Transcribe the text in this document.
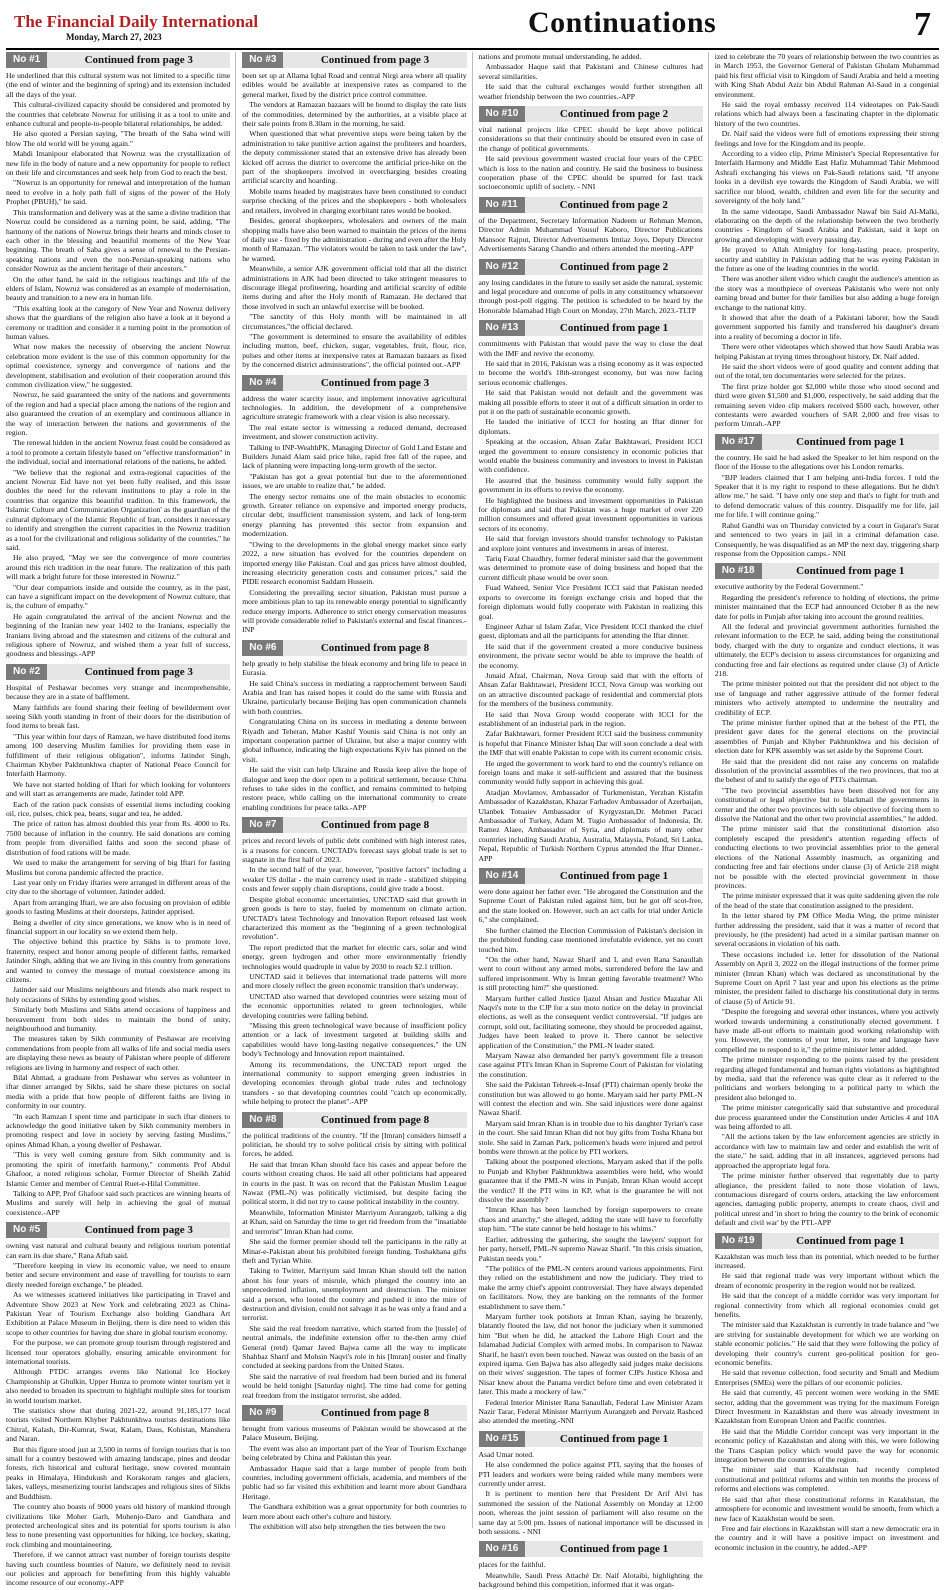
The Financial Daily International
Monday, March 27, 2023	Continuations	7
No #1	Continued from page 3

He underlined that this cultural system was not limited to a specific time (the end of winter and the beginning of spring) and its extension included all the days of the year.

This cultural-civilized capacity should be considered and promoted by the countries that celebrate Nowruz for utilising it as a tool to unite and enhance cultural and people-to-people bilateral relationships, he added.

He also quoted a Persian saying, "The breath of the Saba wind will blow The old world will be young again."

Mahdi Imanipour elaborated that Nowruz was the crystallization of new life in the body of nature and a new opportunity for people to reflect on their life and circumstances and seek help from God to reach the best.

"Nowruz is an opportunity for renewal and interpretation of the human need to evolve in a holy path full of signs of the power of the Holy Prophet (PBUH)," he said.

This transformation and delivery was at the same a divine tradition that Nowruz could be considered as a turning point, he said, adding, "The harmony of the nations of Nowruz brings their hearts and minds closer to each other in the blessing and beautiful moments of the New Year beginning. The breath of Saba gives a sense of renewal to the Persian-speaking nations and even the non-Persian-speaking nations who consider Nowruz as the ancient heritage of their ancestors."

On the other hand, he said in the religious teachings and life of the elders of Islam, Nowruz was considered as an example of modernisation, beauty and transition to a new era in human life.

"This exalting look at the category of New Year and Nowruz delivery shows that the guardians of the religion also have a look at it beyond a ceremony or tradition and consider it a turning point in the promotion of human values.

What now makes the necessity of observing the ancient Nowruz celebration more evident is the use of this common opportunity for the optimal coexistence, synergy and convergence of nations and the development, stabilisation and evolution of their cooperation around this common civilization view," he suggested.

Nowruz, he said guaranteed the unity of the nations and governments of the region and had a special place among the nations of the region and also guaranteed the creation of an exemplary and continuous alliance in the way of interaction between the nations and governments of the region.

The renewal hidden in the ancient Nowruz feast could be considered as a tool to promote a certain lifestyle based on "effective transformation" in the individual, social and international relations of the nations, he added.

"We believe that the regional and extra-regional capacities of the ancient Nowruz Eid have not yet been fully realised, and this issue doubles the need for the relevant institutions to play a role in the countries that organize this beautiful tradition. In this framework, the 'Islamic Culture and Communication Organization' as the guardian of the cultural diplomacy of the Islamic Republic of Iran, considers it necessary to identify and strengthen the current capacities in the Nowruz tradition as a tool for the civilizational and religious solidarity of the countries," he said.

He also prayed, "May we see the convergence of more countries around this rich tradition in the near future. The realization of this path will mark a bright future for those interested in Nowruz."

"Our dear compatriots inside and outside the country, as in the past, can have a significant impact on the development of Nowruz culture, that is, the culture of empathy."

He again congratulated the arrival of the ancient Nowruz and the beginning of the Iranian new year 1402 to the Iranians, especially the Iranians living abroad and the statesmen and citizens of the cultural and religious sphere of Nowruz, and wished them a year full of success, goodness and blessings.-APP

No #2	Continued from page 3

Hospital of Peshawar becomes very strange and incomprehensible, because they are in a state of bafflement.

Many faithfuls are found sharing their feeling of bewilderment over seeing Sikh youth standing in front of their doors for the distribution of food items to break fast.

"This year within four days of Ramzan, we have distributed food items among 100 deserving Muslim families for providing them ease in fulfillment of their religious obligation", informs Jatinder Singh, Chairman Khyber Pakhtunkhwa chapter of National Peace Council for Interfaith Harmony.

We have not started holding of Iftari for which looking for volunteers and will start as arrangements are made, Jatinder told APP.

Each of the ration pack consists of essential items including cooking oil, rice, pulses, chick pea, beans, sugar and tea, he added.

The price of ration has almost doubled this year from Rs. 4000 to Rs. 7500 because of inflation in the country. He said donations are coming from people from diversified faiths and soon the second phase of distribution of food rations will be made.

We used to make the arrangement for serving of big Iftari for fasting Muslims but corona pandemic affected the practice.

Last year only on Friday iftaries were arranged in different areas of the city due to the shortage of volunteer, Jatinder added.

Apart from arranging Iftari, we are also focusing on provision of edible goods to fasting Muslims at their doorsteps, Jatinder apprised.

Being a dweller of city since generations, we know who is in need of financial support in our locality so we extend them help.

The objective behind this practice by Sikhs is to promote love, fraternity, respect and honor among people of different faiths, remarked Jatinder Singh, adding that we are living in this country from generations and wanted to convey the message of mutual coexistence among its citizens.

Jatinder said our Muslims neighbours and friends also mark respect to holy occasions of Sikhs by extending good wishes.

Similarly both Muslims and Sikhs attend occasions of happiness and bereavement from both sides to maintain the bond of unity, neighbourhood and humanity.

The measures taken by Sikh community of Peshawar are receiving commendations from people from all walks of life and social media users are displaying these news as beauty of Pakistan where people of different religions are living in harmony and respect of each other.

Bilal Ahmad, a graduate from Peshawar who serves as volunteer in iftar dinner arranged by Sikhs, said he share these pictures on social media with a pride that how people of different faiths are living in conformity in our country.

"In each Ramzan I spent time and participate in such iftar dinners to acknowledge the good initiative taken by Sikh community members in promoting respect and love in society by serving fasting Muslims," opines Ahmad Khan, a young dweller of Peshawar.

"This is very well coming gesture from Sikh community and is promoting the spirit of interfaith harmony," comments Prof Abdul Ghafoor, a noted religious scholar, Former Director of Sheikh Zahid Islamic Center and member of Central Ruet-e-Hilal Committee.

Talking to APP, Prof Ghafoor said such practices are winning hearts of Muslims and surely will help in achieving the goal of mutual coexistence.-APP

No #5	Continued from page 3

owning vast natural and cultural beauty and religious tourism potential can earn its due share," Rana Aftab said.

"Therefore keeping in view its economic value, we need to ensure better and secure environment and ease of travelling for tourists to earn direly needed foreign exchange," he pleaded.

As we witnesses scattered initiatives like participating in Travel and Adventure Show 2023 at New York and celebrating 2023 as China-Pakistan Year of Tourism Exchange also holding Gandhara Art Exhibition at Palace Museum in Beijing, there is dire need to widen this scope to other countries for having due share in global tourism economy.

For the purpose, we can promote group tourism through registered and licensed tour operators globally, ensuring amicable environment for international tourists.

Although PTDC arranges events like National Ice Hockey Championship at Ghulkin, Upper Hunza to promote winter tourism yet it also needed to broaden its spectrum to highlight multiple sites for tourism in world tourism market.

The statistics show that during 2021-22, around 91,185,177 local tourists visited Northern Khyber Pakhtunkhwa tourists destinations like Chitral, Kalash, Dir-Kumrat, Swat, Kalam, Daus, Kohistan, Manshera and Naran.

But this figure stood just at 3,500 in terms of foreign tourists that is too small for a country bestowed with amazing landscape, pines and deodar forests, rich historical and cultural heritage, snow covered mountain peaks in Himalaya, Hindukush and Korakoram ranges and glaciers, lakes, valleys, mesmerizing tourist landscapes and religious sites of Sikhs and Buddhism.

The country also boasts of 9000 years old history of mankind through civilizations like Moher Garh, Mohenjo-Daro and Gandhara and protected archeological sites and its potential for sports tourism is also less to none presenting vast opportunities for hiking, ice hockey, skating, rock climbing and mountaineering.

Therefore, if we cannot attract vast number of foreign tourists despite having such countless bounties of Nature, we definitely need to revisit our policies and approach for benefitting from this highly valuable income resource of our economy.-APP

No #3	Continued from page 3

been set up at Allama Iqbal Road and central Nirgi area where all quality edibles would be available at inexpensive rates as compared to the general market, fixed by the district price control committee.

The vendors at Ramazan bazaars will be bound to display the rate lists of the commodities, determined by the authorities, at a visible place at their sale points from 8.30am in the morning, he said.

When questioned that what preventive steps were being taken by the administration to take punitive action against the profiteers and hoarders, the deputy commissioner stated that an extensive drive has already been kicked off across the district to overcome the artificial price-hike on the part of the shopkeepers involved in overcharging besides creating artificial scarcity and hoarding.

Mobile teams headed by magistrates have been constituted to conduct surprise checking of the prices and the shopkeepers - both wholesalers and retailers, involved in charging exorbitant rates would be booked.

Besides, general shopkeepers, wholesalers and owners of the main shopping malls have also been warned to maintain the prices of the items of daily use - fixed by the administration - during and even after the Holy month of Ramazan. "The violators would be taken to task under the law", he warned.

Meanwhile, a senior AJK government official told that all the district administrations in AJK had been directed to take stringent measures to discourage illegal profiteering, hoarding and artificial scarcity of edible items during and after the Holy month of Ramazan. He declared that those involved in such an unlawful exercise will be booked.

"The sanctity of this Holy month will be maintained in all circumstances,"the official declared.

"The government is determined to ensure the availability of edibles including mutton, beef, chicken, sugar, vegetables, fruit, flour, rice, pulses and other items at inexpensive rates at Ramazan bazaars as fixed by the concerned district administrations", the official pointed out.-APP

No #4	Continued from page 3

address the water scarcity issue, and implement innovative agricultural technologies. In addition, the development of a comprehensive agriculture strategic framework with a clear vision is also necessary.

The real estate sector is witnessing a reduced demand, decreased investment, and slower construction activity.

Talking to INP-WealthPK, Managing Director of Gold Land Estate and Builders Junaid Alam said price hike, rapid free fall of the rupee, and lack of planning were impacting long-term growth of the sector.

"Pakistan has got a great potential but due to the aforementioned issues, we are unable to realize that," he added.

The energy sector remains one of the main obstacles to economic growth. Greater reliance on expensive and imported energy products, circular debt, insufficient transmission system, and lack of long-term energy planning has prevented this sector from expansion and modernization.

"Owing to the developments in the global energy market since early 2022, a new situation has evolved for the countries dependent on imported energy like Pakistan. Coal and gas prices have almost doubled, increasing electricity generation costs and consumer prices," said the PIDE research economist Saddam Hussein.

Considering the prevailing sector situation, Pakistan must pursue a more ambitious plan to tap its renewable energy potential to significantly reduce energy imports. Adherence to strict energy conservation measures will provide considerable relief to Pakistan's external and fiscal finances.-INP

No #6	Continued from page 8

help greatly to help stabilise the bleak economy and bring life to peace in Eurasia.

He said China's success in mediating a rapprochement between Saudi Arabia and Iran has raised hopes it could do the same with Russia and Ukraine, particularly because Beijing has open communication channels with both countries.

Congratulating China on its success in mediating a detente between Riyadh and Teheran, Maher Kashif Younis said China is not only an important cooperation partner of Ukraine, but also a major country with global influence, indicating the high expectations Kyiv has pinned on the visit.

He said the visit can help Ukraine and Russia keep alive the hope of dialogue and keep the door open to a political settlement, because China refuses to take sides in the conflict, and remains committed to helping restore peace, while calling on the international community to create enabling conditions for peace talks.-APP

No #7	Continued from page 8

prices and record levels of public debt combined with high interest rates, is a reasons for concern. UNCTAD's forecast says global trade is set to stagnate in the first half of 2023.

In the second half of the year, however, "positive factors" including a weaker US dollar - the main currency used in trade - stabilized shipping costs and fewer supply chain disruptions, could give trade a boost.

Despite global economic uncertainties, UNCTAD said that growth in green goods is here to stay, fueled by momentum on climate action. UNCTAD's latest Technology and Innovation Report released last week characterized this moment as the "beginning of a green technological revolution".

The report predicted that the market for electric cars, solar and wind energy, green hydrogen and other more environmentally friendly technologies would quadruple in value by 2030 to reach $2.1 trillion.

UNCTAD said it believes that international trade patterns will more and more closely reflect the green economic transition that's underway.

UNCTAD also warned that developed countries were seizing most of the economic opportunities related to green technologies, while developing countries were falling behind.

"Missing this green technological wave because of insufficient policy attention or a lack of investment targeted at building skills and capabilities would have long-lasting negative consequences," the UN body's Technology and Innovation report maintained.

Among its recommendations, the UNCTAD report urged the international community to support emerging green industries in developing economies through global trade rules and technology transfers - so that developing countries could "catch up economically, while helping to protect the planet".-APP

No #8	Continued from page 8

the political traditions of the country. "If the [Imran] considers himself a politician, he should try to solve political crisis by sitting with political forces, he added.

He said that Imran Khan should face his cases and appear before the courts without creating chaos. He said all other politicians had appeared in courts in the past. It was on record that the Pakistan Muslim League Nawaz (PML-N) was politically victimised, but despite facing the political storm, it did not try to cause political instability in the country.

Meanwhile, Information Minister Marriyum Aurangzeb, talking a dig at Khan, said on Saturday the time to get rid freedom from the "insatiable and terrorist" Imran Khan had come.

She said the former premier should tell the participants in the rally at Minar-e-Pakistan about his prohibited foreign funding, Toshakhana gifts theft and Tyrian White.

Taking to Twitter, Marriyum said Imran Khan should tell the nation about his four years of misrule, which plunged the country into an unprecedented inflation, unemployment and destruction. The minister said a person, who looted the country and pushed it into the mire of destruction and division, could not salvage it as he was only a fraud and a terrorist.

She said the real freedom narrative, which started from the [tussle] of neutral animals, the indefinite extension offer to the-then army chief General (retd) Qamar Javed Bajwa came all the way to implicate Shahbaz Sharif and Mohsin Naqvi's role in his [Imran] ouster and finally concluded at seeking pardons from the United States.

She said the narrative of real freedom had been buried and its funeral would be held tonight [Saturday night]. The time had come for getting real freedom from the instigator terrorist, she added.

No #9	Continued from page 8

brought from various museums of Pakistan would be showcased at the Palace Museum, Beijing.

The event was also an important part of the Year of Tourism Exchange being celebrated by China and Pakistan this year.

Ambassador Haque said that a large number of people from both countries, including government officials, academia, and members of the public had so far visited this exhibition and learnt more about Gandhara Heritage.

The Gandhara exhibition was a great opportunity for both countries to learn more about each other's culture and history.

The exhibition will also help strengthen the ties between the two

nations and promote mutual understanding, he added.

Ambassador Haque said that Pakistani and Chinese cultures had several similarities.

He said that the cultural exchanges would further strengthen all weather friendship between the two countries.-APP

No #10	Continued from page 2

vital national projects like CPEC should be kept above political considerations so that their continuity should be ensured even in case of the change of political governments.

He said previous government wasted crucial four years of the CPEC which is loss to the nation and country. He said the business to business cooperation phase of the CPEC should be spurred for fast track socioeconomic uplift of society. - NNI

No #11	Continued from page 2

of the Department, Secretary Information Nadeem ur Rehman Memon, Director Admin Muhammad Yousuf Kaboro, Director Publications Mansoor Rajput, Director Advertisements Imtiaz Joyo, Deputy Director Advertisements Sarang Chandio and others attended the meeting.-APP

No #12	Continued from page 2

any losing candidates in the future to easily set aside the natural, systemic and legal procedure and outcome of polls in any constituency whatsoever through post-poll rigging. The petition is scheduled to be heard by the Honorable Islamabad High Court on Monday, 27th March, 2023.-TLTP

No #13	Continued from page 1

commitments with Pakistan that would pave the way to close the deal with the IMF and revive the economy.

He said that in 2016, Pakistan was a rising economy as it was expected to become the world's 18th-strongest economy, but was now facing serious economic challenges.

He said that Pakistan would not default and the government was making all possible efforts to steer it out of a difficult situation in order to put it on the path of sustainable economic growth.

He lauded the initiative of ICCI for hosting an Iftar dinner for diplomats.

Speaking at the occasion, Ahsan Zafar Bakhtawari, President ICCI urged the government to ensure consistency in economic policies that would enable the business community and investors to invest in Pakistan with confidence.

He assured that the business community would fully support the government in its efforts to revive the economy.

He highlighted the business and investment opportunities in Pakistan for diplomats and said that Pakistan was a huge market of over 220 million consumers and offered great investment opportunities in various sectors of its economy.

He said that foreign investors should transfer technology to Pakistan and explore joint ventures and investments in areas of interest.

Tariq Fazal Chaudhry, former federal minister said that the government was determined to promote ease of doing business and hoped that the current difficult phase would be over soon.

Fuad Waheed, Senior Vice President ICCI said that Pakistan needed exports to overcome its foreign exchange crisis and hoped that the foreign diplomats would fully cooperate with Pakistan in realizing this goal.

Engineer Azhar ul Islam Zafar, Vice President ICCI thanked the chief guest, diplomats and all the participants for attending the Iftar dinner.

He said that if the government created a more conducive business environment, the private sector would be able to improve the health of the economy.

Junaid Afzal, Chairman, Nova Group said that with the efforts of Ahsan Zafar Bakhtawari, President ICCI, Nova Group was working out on an attractive discounted package of residential and commercial plots for the members of the business community.

He said that Nova Group would cooperate with ICCI for the establishment of an industrial park in the region.

Zafar Bakhtawari, former President ICCI said the business community is hopeful that Finance Minister Ishaq Dar will soon conclude a deal with the IMF that will enable Pakistan to cope with its current economic crisis.

He urged the government to work hard to end the country's reliance on foreign loans and make it self-sufficient and assured that the business community would fully support in achieving this goal.

Atadjan Movlamov, Ambassador of Turkmenistan, Yerzhan Kistafin Ambassador of Kazakhstan, Khazar Farhadov Ambassador of Azerbaijan, Ulanbek Totuaiev Ambassador of Kyrgyzstan,Dr. Mehmet Pacaci Ambassador of Turkey, Adam M. Tugio Ambassador of Indonesia, Dr. Ramez Alaee, Ambassador of Syria, and diplomats of many other countries including Saudi Arabia, Australia, Malaysia, Poland, Sri Lanka, Nepal, Republic of Turkish Northern Cyprus attended the Iftar Dinner.-APP

No #14	Continued from page 1

were done against her father ever. "He abrogated the Constitution and the Supreme Court of Pakistan ruled against him, but he got off scot-free, and the state looked on. However, such an act calls for trial under Article 6," she complained.

She further claimed the Election Commission of Pakistan's decision in the prohibited funding case mentioned irrefutable evidence, yet no court touched him.

"On the other hand, Nawaz Sharif and I, and even Rana Sanaullah went to court without any armed mobs, surrendered before the law and suffered imprisonment. Why is Imran getting favorable treatment? Who is still protecting him?" she questioned.

Maryam further called Justice Ijazul Ahsan and Justice Mazahar Ali Naqvi's note to the CJP for a suo moto notice on the delay in provincial elections, as well as the consequent verdict controversial. "If judges are corrupt, sold out, facilitating someone, they should be proceeded against, Judges have been leaked to prove it. There cannot be selective application of the Constitution," the PML-N leader stated.

Maryam Nawaz also demanded her party's government file a treason case against PTI's Imran Khan in Supreme Court of Pakistan for violating the constitution.

She said the Pakistan Tehreek-e-Insaf (PTI) chairman openly broke the constitution but was allowed to go home. Maryam said her party PML-N will contest the election and win. She said injustices were done against Nawaz Sharif.

Maryam said Imran Khan is in trouble due to his daughter Tyrian's case in the court. She said Imran Khan did not buy gifts from Tosha Khana but stole. She said in Zaman Park, policemen's heads were injured and petrol bombs were thrown at the police by PTI workers.

Talking about the postponed elections, Maryam asked that if the polls to Punjab and Khyber Pakhtunkhwa assemblies were held, who would guarantee that if the PML-N wins in Punjab, Imran Khan would accept the verdict? If the PTI wins in KP, what is the guarantee he will not dissolve the assembly?

"Imran Khan has been launched by foreign superpowers to create chaos and anarchy," she alleged, adding the state will have to forcefully stop him. "The state cannot be held hostage to his whims."

Earlier, addressing the gathering, she sought the lawyers' support for her party, herself, PML-N supremo Nawaz Sharif. "In this crisis situation, Pakistan needs you."

"The politics of the PML-N centers around various appointments. First they relied on the establishment and now the judiciary. They tried to make the army chief's appoint controversial. They have always depended on facilitators. Now, they are banking on the remnants of the former establishment to save them."

Maryam further took potshots at Imran Khan, saying he brazenly, blatantly flouted the law, did not honor the judiciary when it summoned him "But when he did, he attacked the Lahore High Court and the Islamabad Judicial Complex with armed mobs. In comparison to Nawaz Sharif, he hasn't even been touched. Nawaz was ousted on the basis of an expired iqama. Gen Bajwa has also allegedly said judges make decisions on their wives' suggestion. The tapes of former CJPs Justice Khosa and Nisar knew about the Panama verdict before time and even celebrated it later. This made a mockery of law."

Federal Interior Minister Rana Sanaullah, Federal Law Minister Azam Nazir Tarar, Federal Minister Marriyum Aurangzeb and Pervaiz Rashced also attended the meeting.-NNI

No #15	Continued from page 1

Asad Umar noted.

He also condemned the police against PTI, saying that the houses of PTI leaders and workers were being raided while many members were currently under arrest.

It is pertinent to mention here that President Dr Arif Alvi has summoned the session of the National Assembly on Monday at 12:00 noon, whereas the joint session of parliament will also resume on the same day at 5:00 pm. Issues of national importance will be discussed in both sessions. - NNI

No #16	Continued from page 1

places for the faithful.

Meanwhile, Saudi Press Attaché Dr. Naif Alotaibi, highlighting the background behind this competition, informed that it was organ-

ized to celebrate the 70 years of relationship between the two countries as in March 1953, the Governor General of Pakistan Ghulam Muhammad paid his first official visit to Kingdom of Saudi Arabia and held a meeting with King Shah Abdul Aziz bin Abdul Rahman Al-Saud in a congenial environment.

He said the royal embassy received 114 videotapes on Pak-Saudi relations which had always been a fascinating chapter in the diplomatic history of the two countries.

Dr. Naif said the videos were full of emotions expressing their strong feelings and love for the Kingdom and its people.

According to a video clip, Prime Minister's Special Representative for Interfaith Harmony and Middle East Hafiz Muhammad Tahir Mehmood Ashrafi exchanging his views on Pak-Saudi relations said, "If anyone looks in a devilish eye towards the Kingdom of Saudi Arabia, we will sacrifice our blood, wealth, children and even life for the security and sovereignty of the holy land."

In the same videotape, Saudi Ambassador Nawaf bin Said Al-Malki, elaborating on the depth of the relationship between the two brotherly countries - Kingdom of Saudi Arabia and Pakistan, said it kept on growing and developing with every passing day.

He prayed to Allah Almighty for long-lasting peace, prosperity, security and stability in Pakistan adding that he was eyeing Pakistan in the future as one of the leading countries in the world.

There was another silent video which caught the audience's attention as the story was a mouthpiece of overseas Pakistanis who were not only earning bread and butter for their families but also adding a huge foreign exchange to the national kitty.

It showed that after the death of a Pakistani laborer, how the Saudi government supported his family and transferred his daughter's dream into a reality of becoming a doctor in life.

There were other videotapes which showed that how Saudi Arabia was helping Pakistan at trying times throughout history, Dr. Naif added.

He said the short videos were of good quality and content adding that out of the total, ten documentaries were selected for the prizes.

The first prize holder got $2,000 while those who stood second and third were given $1,500 and $1,000, respectively, he said adding that the remaining seven video clip makers received $500 each, however, other contestants were awarded vouchers of SAR 2,000 and free visas to perform Umrah.-APP

No #17	Continued from page 1

the country. He said he had asked the Speaker to let him respond on the floor of the House to the allegations over his London remarks.

"BJP leaders claimed that I am helping anti-India forces. I told the Speaker that it is my right to respond to these allegations. But he didn't allow me," he said. "I have only one step and that's to fight for truth and to defend democratic values of this country. Disqualify me for life, jail me for life. I will continue going."

Rahul Gandhi was on Thursday convicted by a court in Gujarat's Surat and sentenced to two years in jail in a criminal defamation case. Consequently, he was disqualified as an MP the next day, triggering sharp response from the Opposition camps.- NNI

No #18	Continued from page 1

executive authority by the Federal Government."

Regarding the president's reference to holding of elections, the prime minister maintained that the ECP had announced October 8 as the new date for polls in Punjab after taking into account the ground realities.

All the federal and provincial government authorities furnished the relevant information to the ECP, he said, adding being the constitutional body, charged with the duty to organize and conduct elections, it was ultimately, the ECP's decision to assess circumstances for organizing and conducting free and fair elections as required under clause (3) of Article 218.

The prime minister pointed out that the president did not object to the use of language and rather aggressive attitude of the former federal ministers who actively attempted to undermine the neutrality and credibility of ECP.

The prime minister further opined that at the behest of the PTI, the president gave dates for the general elections on the provincial assemblies of Punjab and Khyber Pakhtunkhwa and his decision of election date for KPK assembly was set aside by the Supreme Court.

He said that the president did not raise any concerns on malafide dissolution of the provincial assemblies of the two provinces, that too at the behest of and to satisfy the ego of PTI's chairman.

"The two provincial assemblies have been dissolved not for any constitutional or legal objective but to blackmail the governments in center and the other two provinces with sole objective of forcing them to dissolve the National and the other two provincial assemblies," he added.

The prime minister said that the constitutional distortion also completely escaped the president's attention regarding effects of conducting elections to two provincial assemblies prior to the general elections of the National Assembly inasmuch, as organizing and conducting free and fair elections under clause (3) of Article 218 might not be possible with the elected provincial government in those provinces.

The prime minister expressed that it was quite saddening given the role of the head of the state that constitution assigned to the president.

In the letter shared by PM Office Media Wing, the prime minister further addressing the president, said that it was a matter of record that previously, he (the president) had acted in a similar partisan manner on several occasions in violation of his oath.

These occasions included i.e. letter for dissolution of the National Assembly on April 3, 2022 on the illegal instructions of the former prime minister (Imran Khan) which was declared as unconstitutional by the Supreme Court on April 7 last year and upon his elections as the prime minister, the president failed to discharge his constitutional duty in terms of clause (5) of Article 91.

"Despite the foregoing and several other instances, where you actively worked towards undermining a constitutionally elected government. I have made all-out efforts to maintain good working relationship with you. However, the contents of your letter, its tone and language have compelled me to respond to it," the prime minister letter added.

The prime minister responding to the points raised by the president regarding alleged fundamental and human rights violations as highlighted by media, said that the reference was quite clear as it referred to the politicians and workers belonging to a political party to which the president also belonged to.

The prime minister categorically said that substantive and procedural due process guaranteed under the Constitution under Articles 4 and 10A was being afforded to all.

"All the actions taken by the law enforcement agencies are strictly in accordance with law to maintain law and order and establish the writ of the state," he said, adding that in all instances, aggrieved persons had approached the appropriate legal fora.

The prime minister further observed that regrettably due to party allegiance, the president failed to note those violation of laws, contumacious disregard of courts orders, attacking the law enforcement agencies, damaging public property, attempts to create chaos, civil and political unrest and 'in short to bring the country to the brink of economic default and civil war' by the PTI.-APP

No #19	Continued from page 1

Kazakhstan was much less than its potential, which needed to be further increased.

He said that regional trade was very important without which the dream of economic prosperity in the region would not be realized.

He said that the concept of a middle corridor was very important for regional connectivity from which all regional economies could get benefits.

The minister said that Kazakhstan is currently in trade balance and "we are striving for sustainable development for which we are working on stable economic policies." He said that they were following the policy of developing their country's current geo-political position for geo-economic benefits.

He said that revenue collection, food security and Small and Medium Enterprises (SMEs) were the pillars of our economic policies.

He said that currently, 45 percent women were working in the SME sector, adding that the government was trying for the maximum Foreign Direct Investment in Kazakhstan and there was already investment in Kazakhstan from European Union and Pacific countries.

He said that the Middle Corridor concept was very important in the economic policy of Kazakhstan and along with this, we were following the Trans Caspian policy which would pave the way for economic integration between the countries of the region.

The minister said that Kazakhstan had recently completed constitutional and political reforms and within ten months the process of reforms and elections was completed.

He said that after these constitutional reforms in Kazakhstan, the atmosphere for economic and investment would be smooth, from which a new face of Kazakhstan would be seen.

Free and fair elections in Kazakhstan will start a new democratic era in the country and it will have a positive impact on investment and economic inclusion in the country, he added.-APP
